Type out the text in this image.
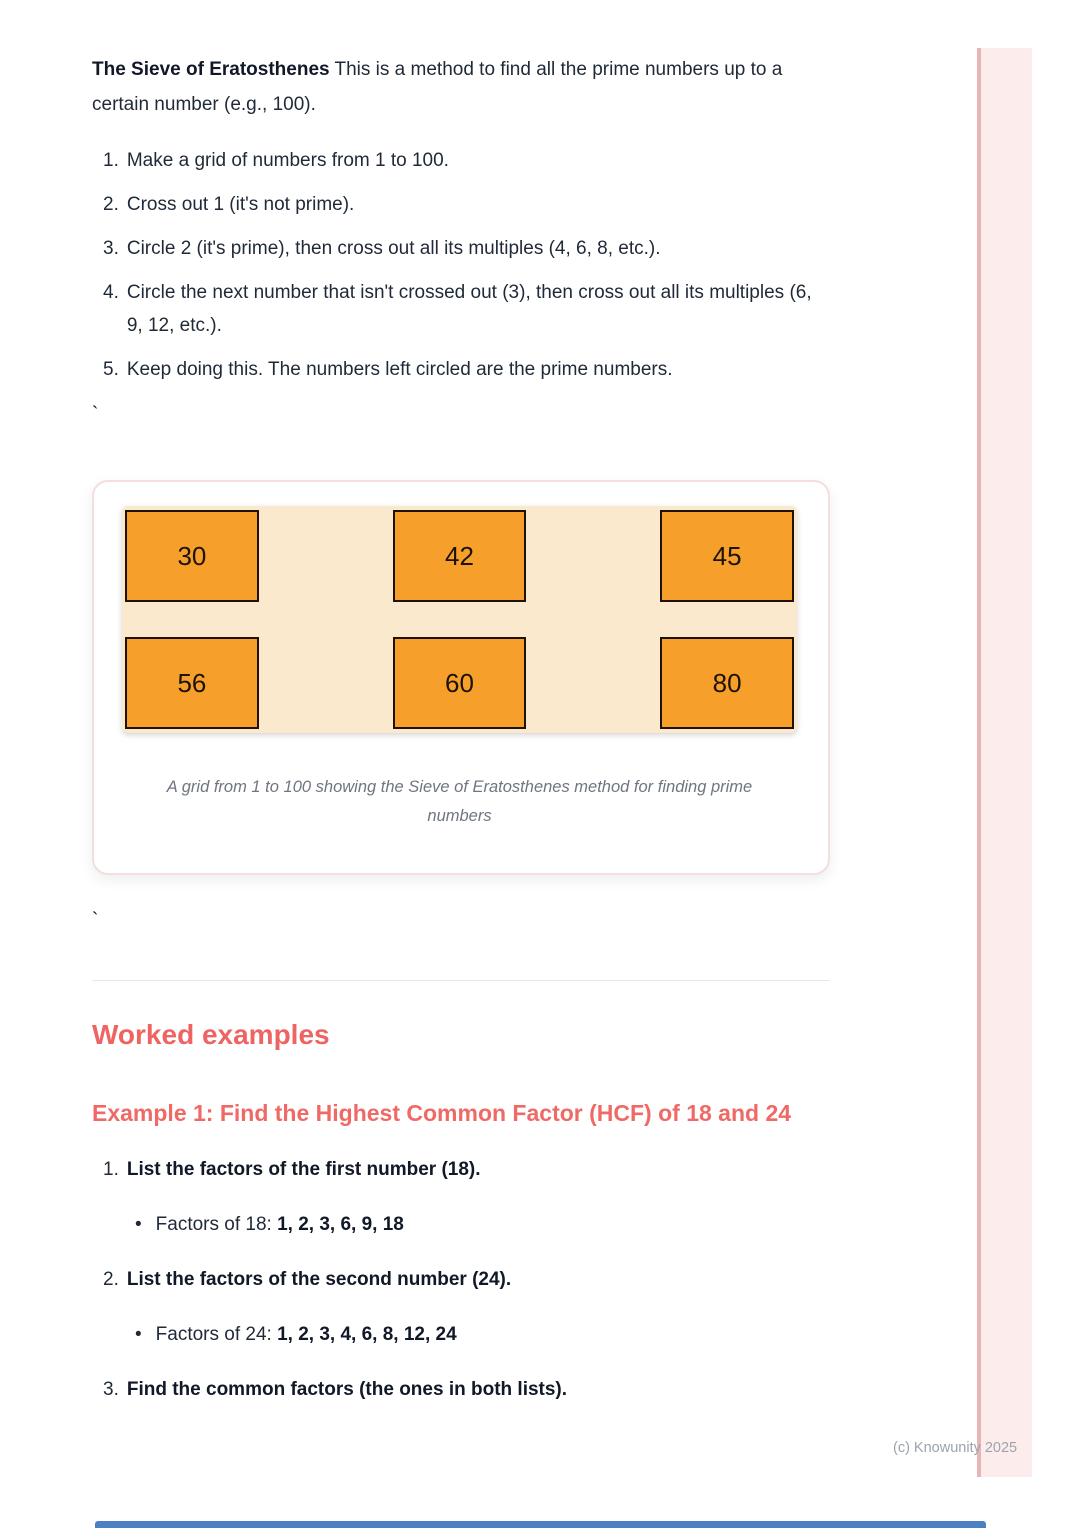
The Sieve of Eratosthenes This is a method to find all the prime numbers up to a certain number (e.g., 100).

1. Make a grid of numbers from 1 to 100.
2. Cross out 1 (it's not prime).
3. Circle 2 (it's prime), then cross out all its multiples (4, 6, 8, etc.).
4. Circle the next number that isn't crossed out (3), then cross out all its multiples (6, 9, 12, etc.).
5. Keep doing this. The numbers left circled are the prime numbers.
`
30	42	45
56	60	80

A grid from 1 to 100 showing the Sieve of Eratosthenes method for finding prime numbers

`
Worked examples
Example 1: Find the Highest Common Factor (HCF) of 18 and 24
1. List the factors of the first number (18).
• Factors of 18: 1, 2, 3, 6, 9, 18
2. List the factors of the second number (24).
• Factors of 24: 1, 2, 3, 4, 6, 8, 12, 24
3. Find the common factors (the ones in both lists).
(c) Knowunity 2025
